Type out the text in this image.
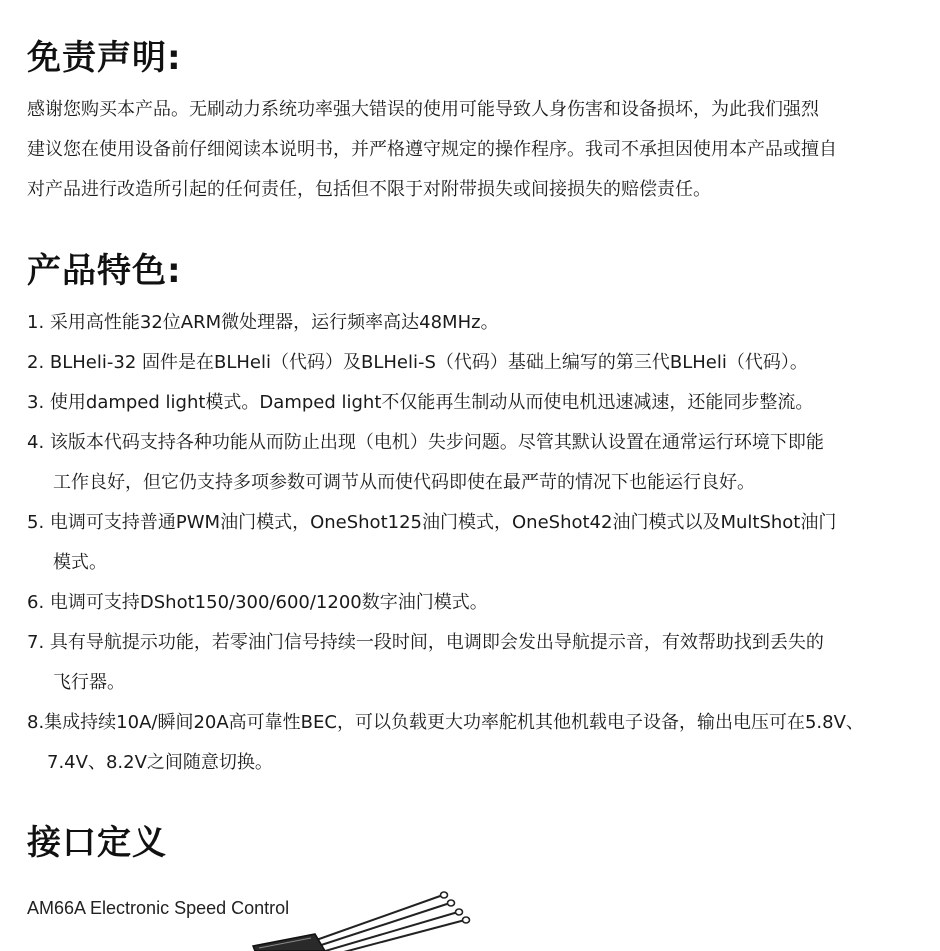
免责声明:
感谢您购买本产品。无刷动力系统功率强大错误的使用可能导致人身伤害和设备损坏，为此我们强烈
建议您在使用设备前仔细阅读本说明书，并严格遵守规定的操作程序。我司不承担因使用本产品或擅自
对产品进行改造所引起的任何责任，包括但不限于对附带损失或间接损失的赔偿责任。
产品特色:
1. 采用高性能32位ARM微处理器，运行频率高达48MHz。
2. BLHeli-32 固件是在BLHeli（代码）及BLHeli-S（代码）基础上编写的第三代BLHeli（代码）。
3. 使用damped light模式。Damped light不仅能再生制动从而使电机迅速减速，还能同步整流。
4. 该版本代码支持各种功能从而防止出现（电机）失步问题。尽管其默认设置在通常运行环境下即能
工作良好，但它仍支持多项参数可调节从而使代码即使在最严苛的情况下也能运行良好。
5. 电调可支持普通PWM油门模式，OneShot125油门模式，OneShot42油门模式以及MultShot油门
模式。
6. 电调可支持DShot150/300/600/1200数字油门模式。
7. 具有导航提示功能，若零油门信号持续一段时间，电调即会发出导航提示音，有效帮助找到丢失的
飞行器。
8.集成持续10A/瞬间20A高可靠性BEC，可以负载更大功率舵机其他机载电子设备，输出电压可在5.8V、
7.4V、8.2V之间随意切换。
接口定义
AM66A Electronic Speed Control
